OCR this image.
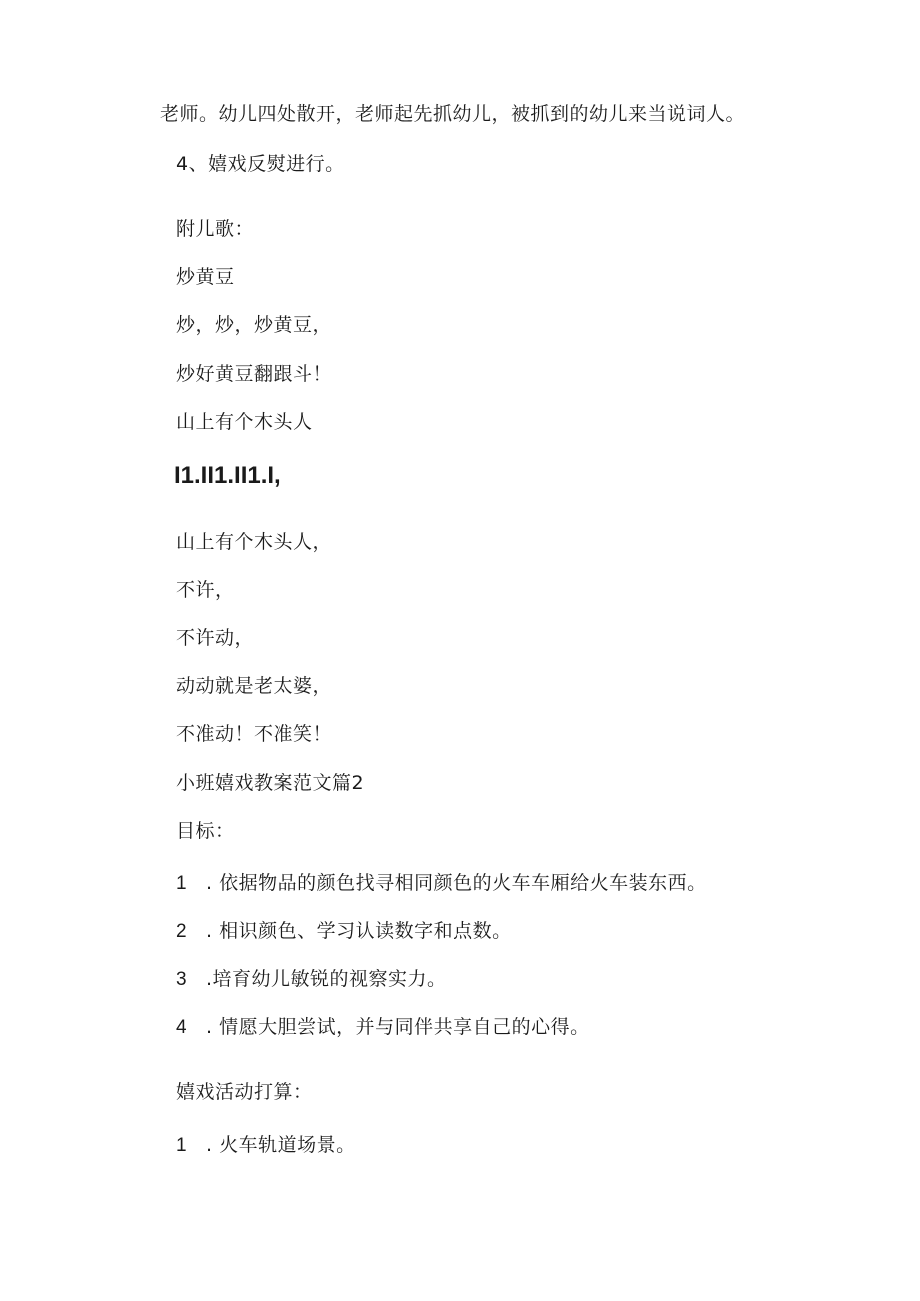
老师。幼儿四处散开，老师起先抓幼儿，被抓到的幼儿来当说词人。
4、嬉戏反熨进行。
附儿歌：
炒黄豆
炒，炒，炒黄豆，
炒好黄豆翻跟斗！
山上有个木头人
I1.II1.II1.I,
山上有个木头人，
不许，
不许动，
动动就是老太婆，
不准动！不准笑！
小班嬉戏教案范文篇2
目标：
1 . 依据物品的颜色找寻相同颜色的火车车厢给火车装东西。
2 . 相识颜色、学习认读数字和点数。
3 .培育幼儿敏锐的视察实力。
4 . 情愿大胆尝试，并与同伴共享自己的心得。
嬉戏活动打算：
1 . 火车轨道场景。
